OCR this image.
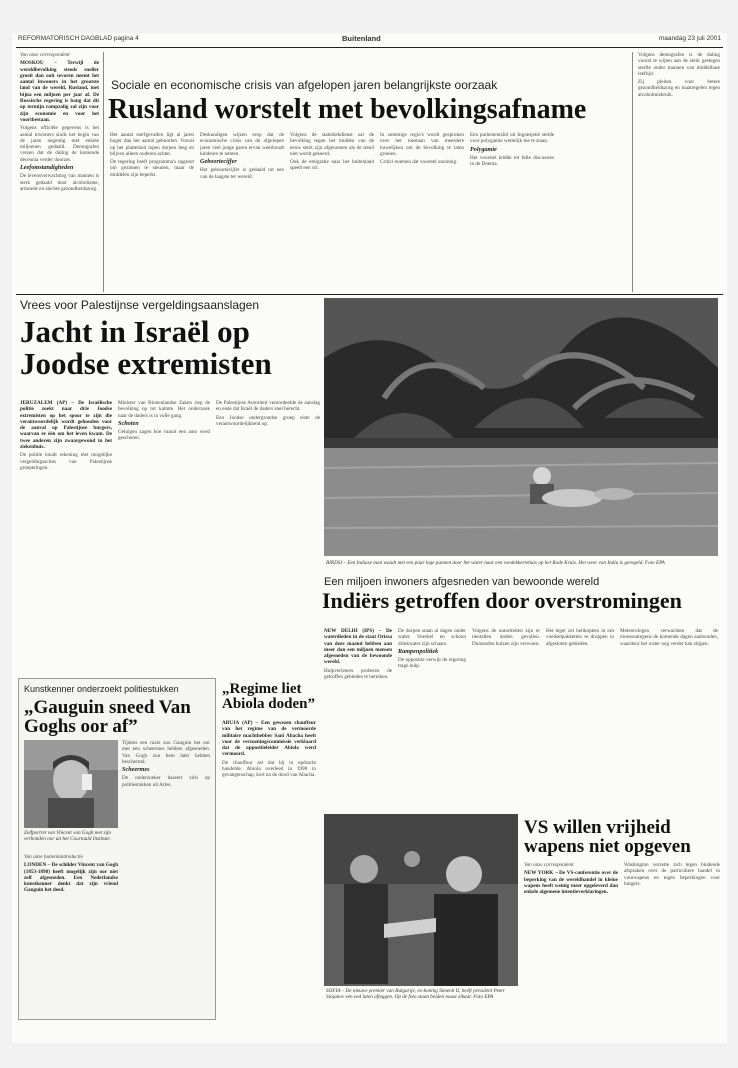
REFORMATORISCH DAGBLAD pagina 4	Buitenland	maandag 23 juli 2001

Van onze correspondent

MOSKOU – Terwijl de wereldbevolking steeds sneller groeit dan ooit tevoren neemt het aantal inwoners in het grootste land van de wereld, Rusland, met bijna een miljoen per jaar af. De Russische regering is bang dat dit op termijn rampzalig zal zijn voor zijn economie en voor het voortbestaan.

Volgens officiële gegevens is het aantal inwoners sinds het begin van de jaren negentig met enkele miljoenen gedaald. Demografen vrezen dat de daling de komende decennia verder doorzet.

Leefomstandigheden

De levensverwachting van mannen is sterk gedaald door alcoholisme, armoede en slechte gezondheidszorg.

Sociale en economische crisis van afgelopen jaren belangrijkste oorzaak
Rusland worstelt met bevolkingsafname

Het aantal sterfgevallen ligt al jaren hoger dan het aantal geboorten. Vooral op het platteland lopen dorpen leeg en blijven alleen ouderen achter.

De regering heeft programma's opgezet om gezinnen te steunen, maar de middelen zijn beperkt.

Deskundigen wijzen erop dat de economische crisis van de afgelopen jaren veel jonge paren ervan weerhoudt kinderen te nemen.

Geboortecijfer

Het geboortecijfer is gedaald tot een van de laagste ter wereld.

Volgens de statistiekdienst zal de bevolking tegen het midden van de eeuw sterk zijn afgenomen als de trend niet wordt gekeerd.

Ook de emigratie naar het buitenland speelt een rol.

In sommige regio's wordt gesproken over het toestaan van meerdere huwelijken om de bevolking te laten groeien.

Critici noemen dat voorstel onzinnig.

Een parlementslid uit Ingoesjetië stelde voor polygamie wettelijk toe te staan.

Polygamie

Het voorstel leidde tot felle discussies in de Doema.

Volgens demografen is de daling vooral te wijten aan de sterk gestegen sterfte onder mannen van middelbare leeftijd.

Zij pleiten voor betere gezondheidszorg en maatregelen tegen alcoholmisbruik.

Vrees voor Palestijnse vergeldingsaanslagen
Jacht in Israël op Joodse extremisten

JERUZALEM (AP) – De Israëlische politie zoekt naar drie Joodse extremisten op het spoor te zijn die verantwoordelijk wordt gehouden voor de aanval op Palestijnse burgers, waarvan er één om het leven kwam. De twee anderen zijn zwaargewond in het ziekenhuis.

De politie houdt rekening met mogelijke vergeldingsacties van Palestijnse groeperingen.

Minister van Binnenlandse Zaken riep de bevolking op tot kalmte. Het onderzoek naar de daders is in volle gang.

Schoten

Getuigen zagen hoe vanuit een auto werd geschoten.

De Palestijnse Autoriteit veroordeelde de aanslag en eiste dat Israël de daders snel berecht.

Een Joodse ondergrondse groep eiste de verantwoordelijkheid op.

BIRDSI – Een Indiase man waadt met een paar lege pannen door het water naar een veedekkertehuis op het Rode Kruis. Het weer van India is geregeld. Foto EPA
Een miljoen inwoners afgesneden van bewoonde wereld
Indiërs getroffen door overstromingen

NEW DELHI (IPS) – De waterdieden in de staat Orissa van deze maand hebben aan meer dan een miljoen mensen afgesneden van de bewoonde wereld.

Hulpverleners proberen de getroffen gebieden te bereiken.

De dorpen staan al dagen onder water. Voedsel en schoon drinkwater zijn schaars.

Rampenpolitiek

De oppositie verwijt de regering trage hulp.

Volgens de autoriteiten zijn er tientallen doden gevallen. Duizenden huizen zijn verwoest.

Het leger zet helikopters in om voedselpakketten te droppen in afgesloten gebieden.

Meteorologen verwachten dat de moessonregens de komende dagen aanhouden, waardoor het water nog verder kan stijgen.

Kunstkenner onderzoekt politiestukken
„Gauguin sneed Van Goghs oor af”

Tijdens een ruzie zou Gauguin het oor met een scheermes hebben afgesneden. Van Gogh zou hem later hebben beschermd.

Scheermes

De onderzoeker baseert zich op politiestukken uit Arles.

Zelfportret van Vincent van Gogh met zijn verbonden oor uit het Courtauld Institute.

Van onze buitenlandredactie

LONDEN – De schilder Vincent van Gogh (1853-1890) heeft mogelijk zijn oor niet zelf afgesneden. Een Nederlandse kunstkenner denkt dat zijn vriend Gauguin het deed.

„Regime liet Abiola doden”

ABUJA (AP) – Een gewezen chauffeur van het regime van de vermoorde militaire machthebber Sani Abacha heeft voor de verzoeningscommissie verklaard dat de oppositieleider Abiola werd vermoord.

De chauffeur zei dat hij in opdracht handelde. Abiola overleed in 1998 in gevangenschap, kort na de dood van Abacha.

SOFIA – De nieuwe premier van Bulgarije, ex-koning Simeon II, heeft president Peter Stojanov een eed laten afleggen. Op de foto staan beiden naast elkaar. Foto EPA
VS willen vrijheid wapens niet opgeven

Van onze correspondent

NEW YORK – De VS-conferentie over de beperking van de wereldhandel in kleine wapens heeft weinig meer opgeleverd dan enkele algemene intentieverklaringen.

Washington verzette zich tegen bindende afspraken over de particuliere handel in vuurwapens en tegen beperkingen voor burgers.
